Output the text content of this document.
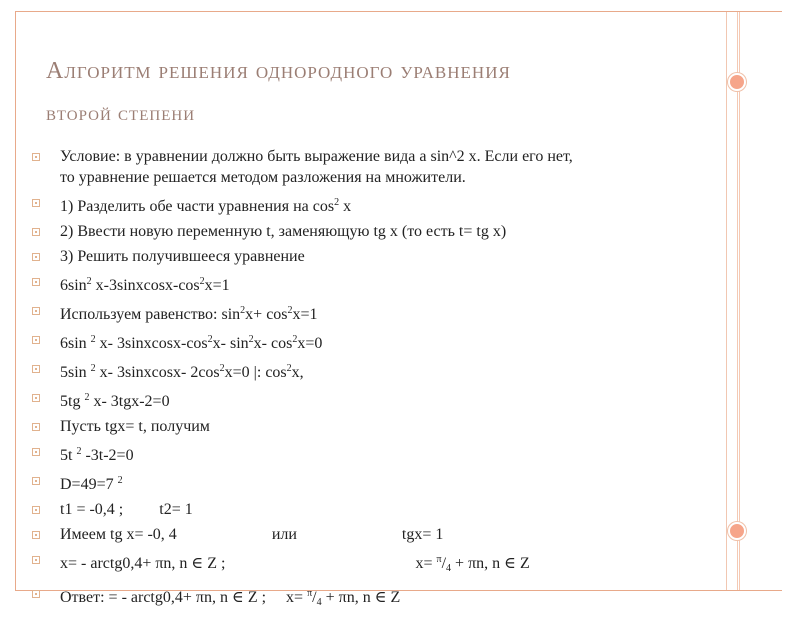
Алгоритм решения однородного уравнения
второй степени
Условие: в уравнении должно быть выражение вида a sin^2 x. Если его нет,
то уравнение решается методом разложения на множители.
1) Разделить обе части уравнения на $\cos^2 x$
2) Ввести новую переменную t, заменяющую tg x (то есть t= tg x)
3) Решить получившееся уравнение
$6\sin^2$ $x-3sinxcosx-\cos^2x=1$
Используем равенство: $\sin^2x+ \cos^2x=1$
6sin $^2$ x- $3sinxcosx-\cos^2x-$ $\sin^2x-$ $\cos^2x=0$
5sin $^2$ x- 3sinxcosx- $2\cos^2x=0$ |: $\cos^2x$,
5tg $^2$ x- 3tgx-2=0
Пусть tgx= t, получим
5t $^2$ -3t-2=0
D=49=7 $^2$
t1 = -0,4 ; t2= 1
Имеем tg x= -0, 4	или	tgx= 1
x= - arctg0,4+ πn, n ∈ Z ;	$x= ^\pi/_4 + \pi n$, n ∈ Z
Ответ: = - arctg0,4+ πn, n ∈ Z ; $x= ^\pi/_4 + \pi n$, n ∈ Z
